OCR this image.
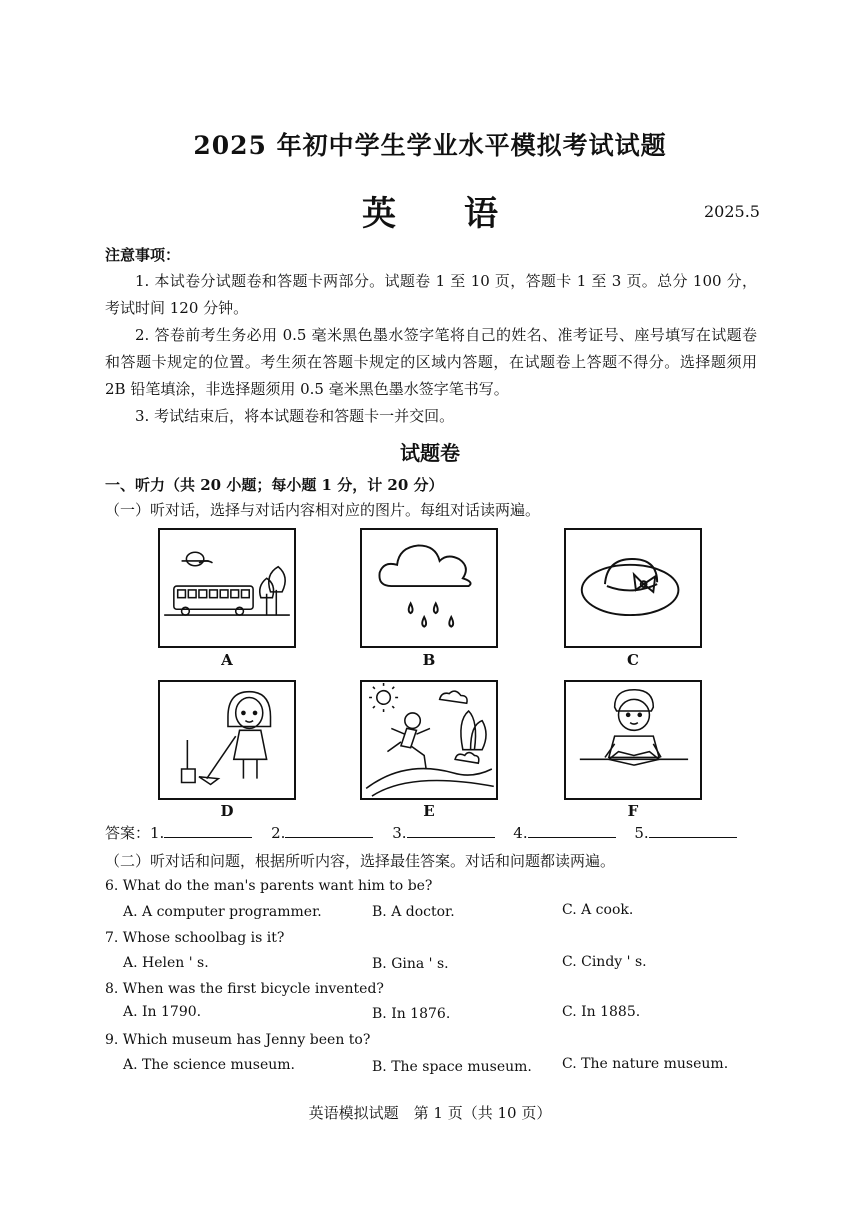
2025 年初中学生学业水平模拟考试试题
英　　语	2025.5
注意事项：

1. 本试卷分试题卷和答题卡两部分。试题卷 1 至 10 页，答题卡 1 至 3 页。总分 100 分，考试时间 120 分钟。

2. 答卷前考生务必用 0.5 毫米黑色墨水签字笔将自己的姓名、准考证号、座号填写在试题卷和答题卡规定的位置。考生须在答题卡规定的区域内答题，在试题卷上答题不得分。选择题须用 2B 铅笔填涂，非选择题须用 0.5 毫米黑色墨水签字笔书写。

3. 考试结束后，将本试题卷和答题卡一并交回。

试题卷
一、听力（共 20 小题；每小题 1 分，计 20 分）
（一）听对话，选择与对话内容相对应的图片。每组对话读两遍。
A	B	C
D	E	F
答案：1.	2.	3.	4.	5.
（二）听对话和问题，根据所听内容，选择最佳答案。对话和问题都读两遍。
6. What do the man's parents want him to be?
A. A computer programmer.	B. A doctor.	C. A cook.
7. Whose schoolbag is it?
A. Helen ' s.	B. Gina ' s.	C. Cindy ' s.
8. When was the first bicycle invented?
A. In 1790.	B. In 1876.	C. In 1885.
9. Which museum has Jenny been to?
A. The science museum.	B. The space museum. C. The nature museum.
英语模拟试题　第 1 页（共 10 页）
